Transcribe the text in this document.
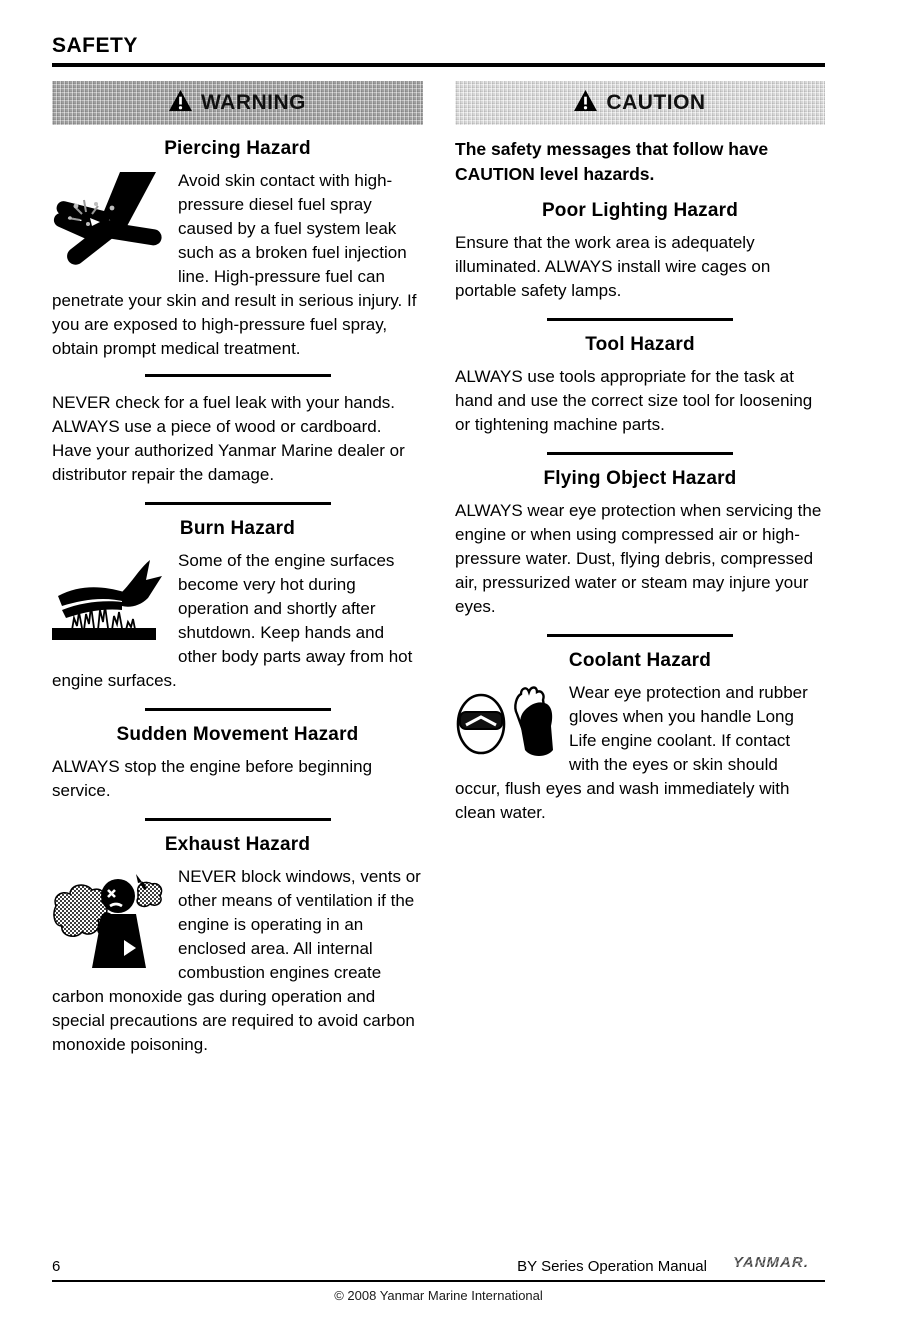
SAFETY
WARNING
Piercing Hazard

Avoid skin contact with high-pressure diesel fuel spray caused by a fuel system leak such as a broken fuel injection line. High-pressure fuel can penetrate your skin and result in serious injury. If you are exposed to high-pressure fuel spray, obtain prompt medical treatment.

NEVER check for a fuel leak with your hands. ALWAYS use a piece of wood or cardboard. Have your authorized Yanmar Marine dealer or distributor repair the damage.

Burn Hazard

Some of the engine surfaces become very hot during operation and shortly after shutdown. Keep hands and other body parts away from hot engine surfaces.

Sudden Movement Hazard

ALWAYS stop the engine before beginning service.

Exhaust Hazard

NEVER block windows, vents or other means of ventilation if the engine is operating in an enclosed area. All internal combustion engines create carbon monoxide gas during operation and special precautions are required to avoid carbon monoxide poisoning.

CAUTION

The safety messages that follow have CAUTION level hazards.

Poor Lighting Hazard

Ensure that the work area is adequately illuminated. ALWAYS install wire cages on portable safety lamps.

Tool Hazard

ALWAYS use tools appropriate for the task at hand and use the correct size tool for loosening or tightening machine parts.

Flying Object Hazard

ALWAYS wear eye protection when servicing the engine or when using compressed air or high-pressure water. Dust, flying debris, compressed air, pressurized water or steam may injure your eyes.

Coolant Hazard

Wear eye protection and rubber gloves when you handle Long Life engine coolant. If contact with the eyes or skin should occur, flush eyes and wash immediately with clean water.

6	BY Series Operation Manual YANMAR.
© 2008 Yanmar Marine International
